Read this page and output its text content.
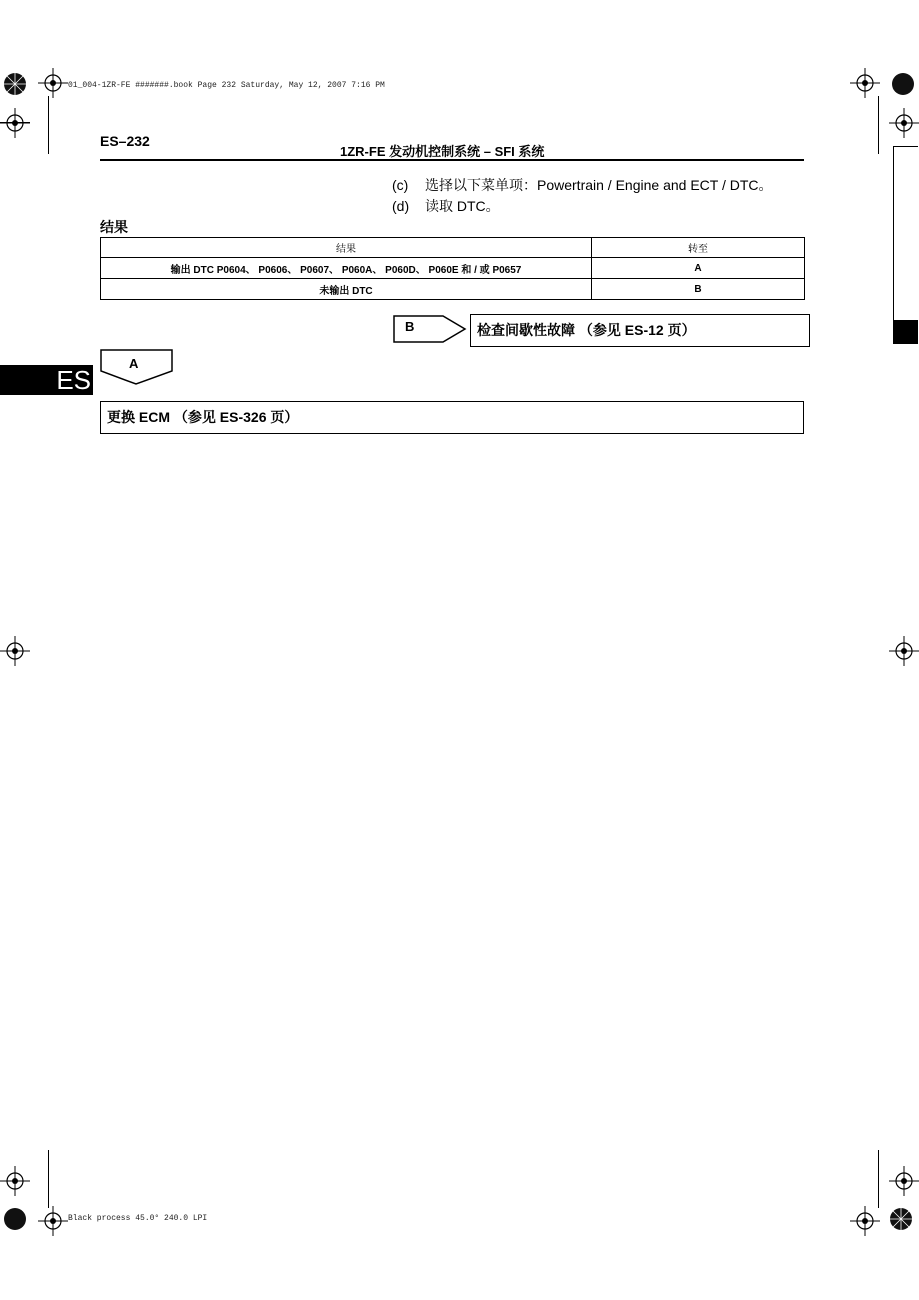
01_004-1ZR-FE #######.book Page 232 Saturday, May 12, 2007 7:16 PM
Black process 45.0° 240.0 LPI
ES–232
1ZR-FE 发动机控制系统 – SFI 系统
(c) 选择以下菜单项：Powertrain / Engine and ECT / DTC。
(d) 读取 DTC。
结果
结果	转至
输出 DTC P0604、 P0606、 P0607、 P060A、 P060D、 P060E 和 / 或 P0657	A
未输出 DTC	B
B	检查间歇性故障 （参见 ES-12 页）
A
ES
更换 ECM （参见 ES-326 页）
